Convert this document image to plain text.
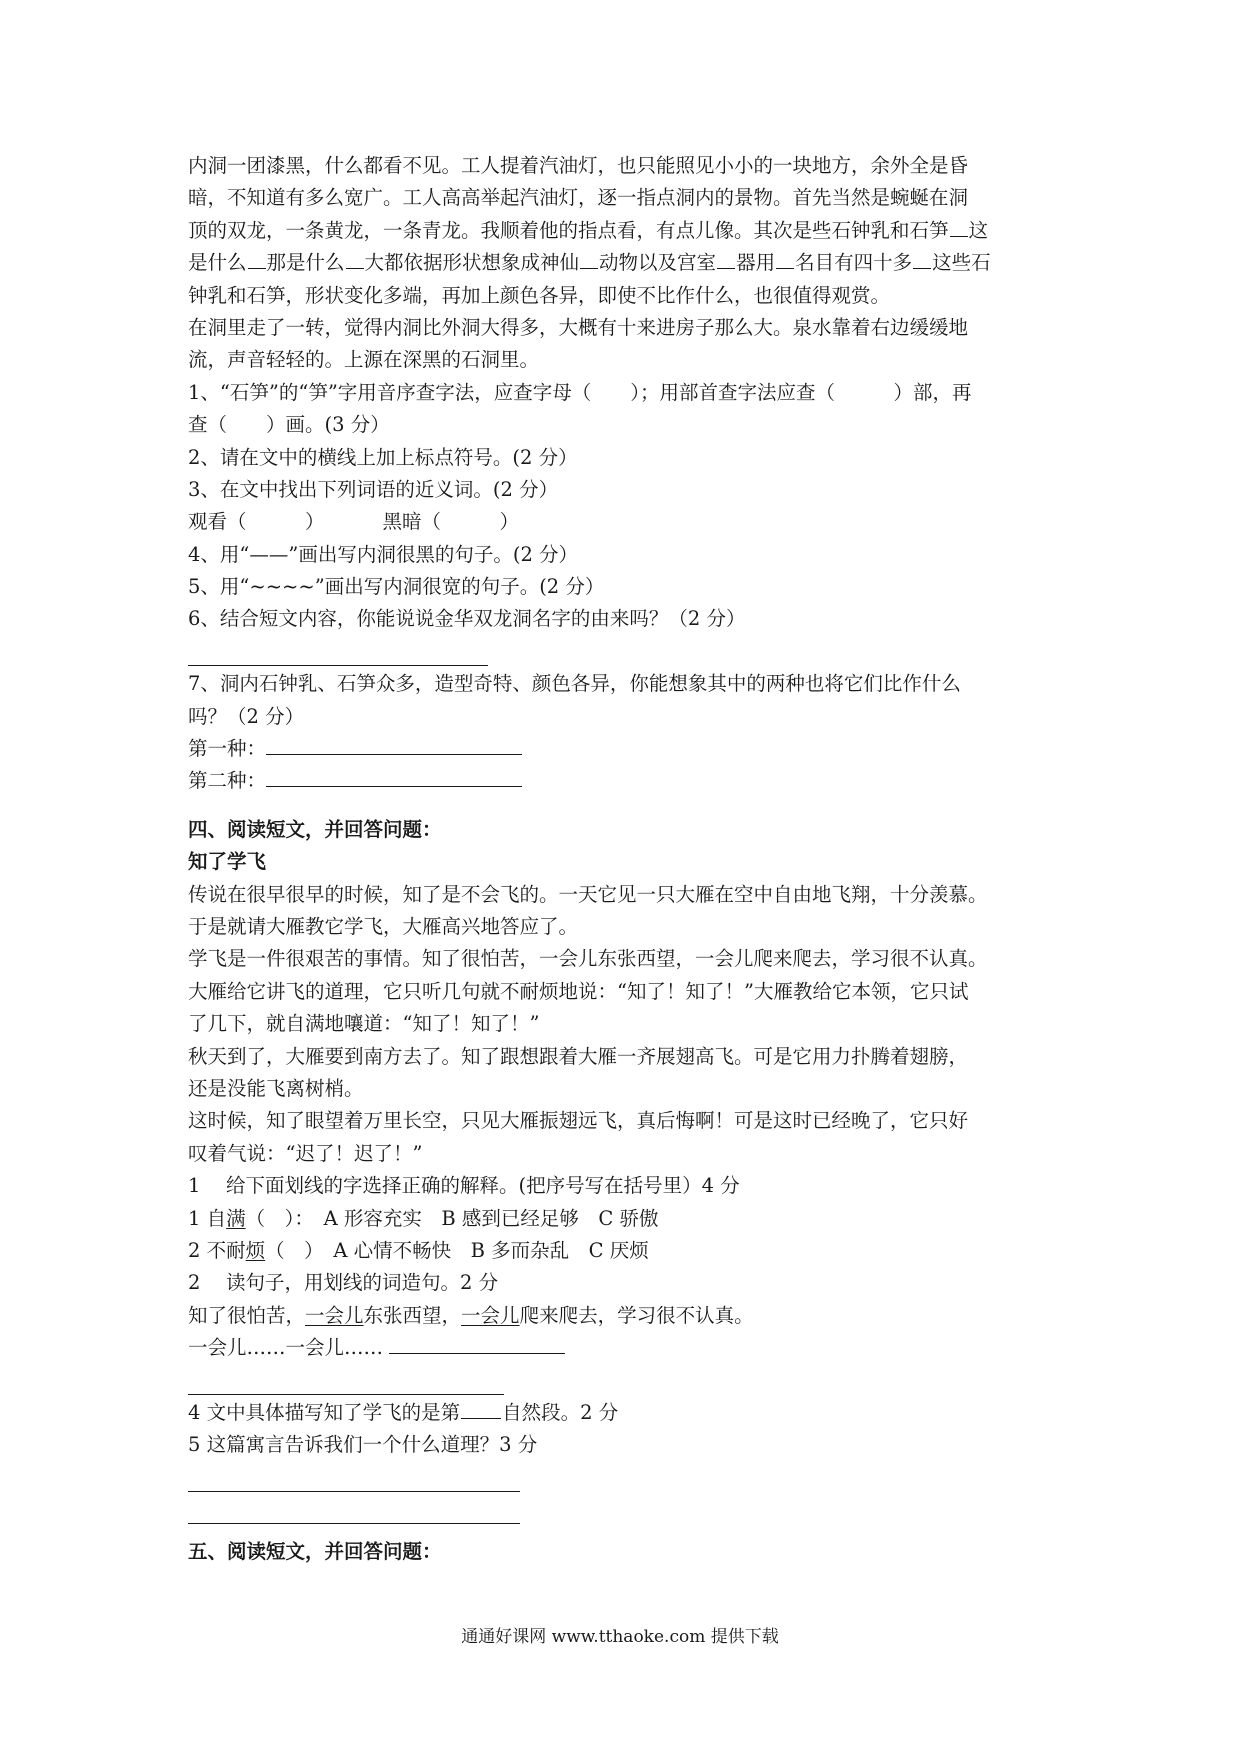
内洞一团漆黑，什么都看不见。工人提着汽油灯，也只能照见小小的一块地方，余外全是昏
暗，不知道有多么宽广。工人高高举起汽油灯，逐一指点洞内的景物。首先当然是蜿蜒在洞
顶的双龙，一条黄龙，一条青龙。我顺着他的指点看，有点儿像。其次是些石钟乳和石笋 这
是什么 那是什么 大都依据形状想象成神仙 动物以及宫室 器用 名目有四十多 这些石
钟乳和石笋，形状变化多端，再加上颜色各异，即使不比作什么，也很值得观赏。
在洞里走了一转，觉得内洞比外洞大得多，大概有十来进房子那么大。泉水靠着右边缓缓地
流，声音轻轻的。上源在深黑的石洞里。
1、“石笋”的“笋”字用音序查字法，应查字母（　　）；用部首查字法应查（　　　）部，再
查（　　）画。(3 分）
2、请在文中的横线上加上标点符号。(2 分）
3、在文中找出下列词语的近义词。(2 分）
观看（　　　）	黑暗（　　　）
4、用“——”画出写内洞很黑的句子。(2 分）
5、用“~~~~”画出写内洞很宽的句子。(2 分）
6、结合短文内容，你能说说金华双龙洞名字的由来吗？（2 分）
7、洞内石钟乳、石笋众多，造型奇特、颜色各异，你能想象其中的两种也将它们比作什么
吗？（2 分）
第一种：
第二种：
四、阅读短文，并回答问题：
知了学飞
传说在很早很早的时候，知了是不会飞的。一天它见一只大雁在空中自由地飞翔，十分羡慕。
于是就请大雁教它学飞，大雁高兴地答应了。
学飞是一件很艰苦的事情。知了很怕苦，一会儿东张西望，一会儿爬来爬去，学习很不认真。
大雁给它讲飞的道理，它只听几句就不耐烦地说：“知了！知了！”大雁教给它本领，它只试
了几下，就自满地嚷道：“知了！知了！”
秋天到了，大雁要到南方去了。知了跟想跟着大雁一齐展翅高飞。可是它用力扑腾着翅膀，
还是没能飞离树梢。
这时候，知了眼望着万里长空，只见大雁振翅远飞，真后悔啊！可是这时已经晚了，它只好
叹着气说：“迟了！迟了！”
1 给下面划线的字选择正确的解释。(把序号写在括号里）4 分
1 自满（　）：　A 形容充实　B 感到已经足够　C 骄傲
2 不耐烦（　）　A 心情不畅快　B 多而杂乱　C 厌烦
2 读句子，用划线的词造句。2 分
知了很怕苦，一会儿东张西望，一会儿爬来爬去，学习很不认真。
一会儿……一会儿……
4 文中具体描写知了学飞的是第 自然段。2 分
5 这篇寓言告诉我们一个什么道理？3 分
五、阅读短文，并回答问题：
通通好课网 www.tthaoke.com 提供下载
